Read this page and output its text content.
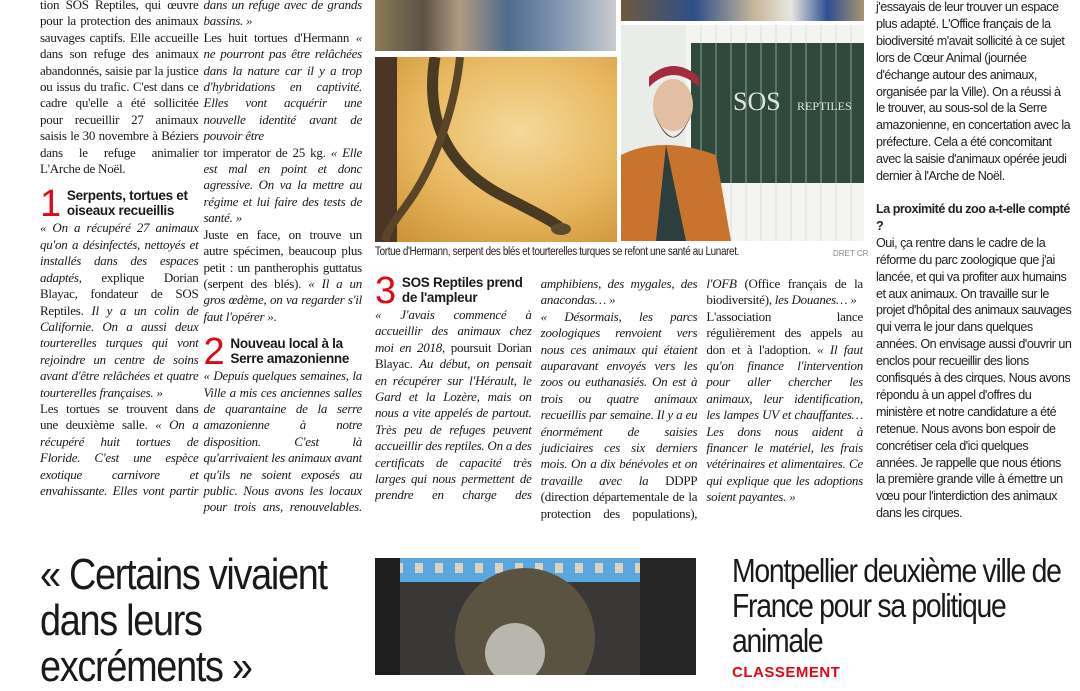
SOS REPTILES
Tortue d'Hermann, serpent des blés et tourterelles turques se refont une santé au Lunaret.	DRET CR

tion SOS Reptiles, qui œuvre pour la protection des animaux sauvages captifs. Elle accueille dans son refuge des animaux abandonnés, saisie par la justice ou issus du trafic. C'est dans ce cadre qu'elle a été sollicitée pour recueillir 27 animaux saisis le 30 novembre à Béziers dans le refuge animalier L'Arche de Noël.

1 Serpents, tortues et oiseaux recueillis

« On a récupéré 27 animaux qu'on a désinfectés, nettoyés et installés dans des espaces adaptés, explique Dorian Blayac, fondateur de SOS Reptiles. Il y a un colin de Californie. On a aussi deux tourterelles turques qui vont rejoindre un centre de soins avant d'être relâchées et quatre tourterelles françaises. »

Les tortues se trouvent dans une deuxième salle. « On a récupéré huit tortues de Floride. C'est une espèce exotique carnivore et envahissante. Elles vont partir dans un refuge avec de grands bassins. »

Les huit tortues d'Hermann « ne pourront pas être relâchées dans la nature car il y a trop d'hybridations en captivité. Elles vont acquérir une nouvelle identité avant de pouvoir être

tor imperator de 25 kg. « Elle est mal en point et donc agressive. On va la mettre au régime et lui faire des tests de santé. »

Juste en face, on trouve un autre spécimen, beaucoup plus petit : un pantherophis guttatus (serpent des blés). « Il a un gros œdème, on va regarder s'il faut l'opérer ».

2 Nouveau local à la Serre amazonienne

« Depuis quelques semaines, la Ville a mis ces anciennes salles de quarantaine de la serre amazonienne à notre disposition. C'est là qu'arrivaient les animaux avant qu'ils ne soient exposés au public. Nous avons les locaux pour trois ans, renouvelables.

3 SOS Reptiles prend de l'ampleur

« J'avais commencé à accueillir des animaux chez moi en 2018, poursuit Dorian Blayac. Au début, on pensait en récupérer sur l'Hérault, le Gard et la Lozère, mais on nous a vite appelés de partout. Très peu de refuges peuvent accueillir des reptiles. On a des certificats de capacité très larges qui nous permettent de prendre en charge des amphibiens, des mygales, des anacondas… »

« Désormais, les parcs zoologiques renvoient vers nous ces animaux qui étaient auparavant envoyés vers les zoos ou euthanasiés. On est à trois ou quatre animaux recueillis par semaine. Il y a eu énormément de saisies judiciaires ces six derniers mois. On a dix bénévoles et on travaille avec la DDPP (direction départementale de la protection des populations), l'OFB (Office français de la biodiversité), les Douanes… »

L'association lance régulièrement des appels au don et à l'adoption. « Il faut qu'on finance l'intervention pour aller chercher les animaux, leur identification, les lampes UV et chauffantes… Les dons nous aident à financer le matériel, les frais vétérinaires et alimentaires. Ce qui explique que les adoptions soient payantes. »

j'essayais de leur trouver un espace plus adapté. L'Office français de la biodiversité m'avait sollicité à ce sujet lors de Cœur Animal (journée d'échange autour des animaux, organisée par la Ville). On a réussi à le trouver, au sous-sol de la Serre amazonienne, en concertation avec la préfecture. Cela a été concomitant avec la saisie d'animaux opérée jeudi dernier à l'Arche de Noël.

La proximité du zoo a-t-elle compté ?

Oui, ça rentre dans le cadre de la réforme du parc zoologique que j'ai lancée, et qui va profiter aux humains et aux animaux. On travaille sur le projet d'hôpital des animaux sauvages qui verra le jour dans quelques années. On envisage aussi d'ouvrir un enclos pour recueillir des lions confisqués à des cirques. Nous avons répondu à un appel d'offres du ministère et notre candidature a été retenue. Nous avons bon espoir de concrétiser cela d'ici quelques années. Je rappelle que nous étions la première grande ville à émettre un vœu pour l'interdiction des animaux dans les cirques.

« Certains vivaient dans leurs excréments »
Montpellier deuxième ville de France pour sa politique animale
CLASSEMENT
